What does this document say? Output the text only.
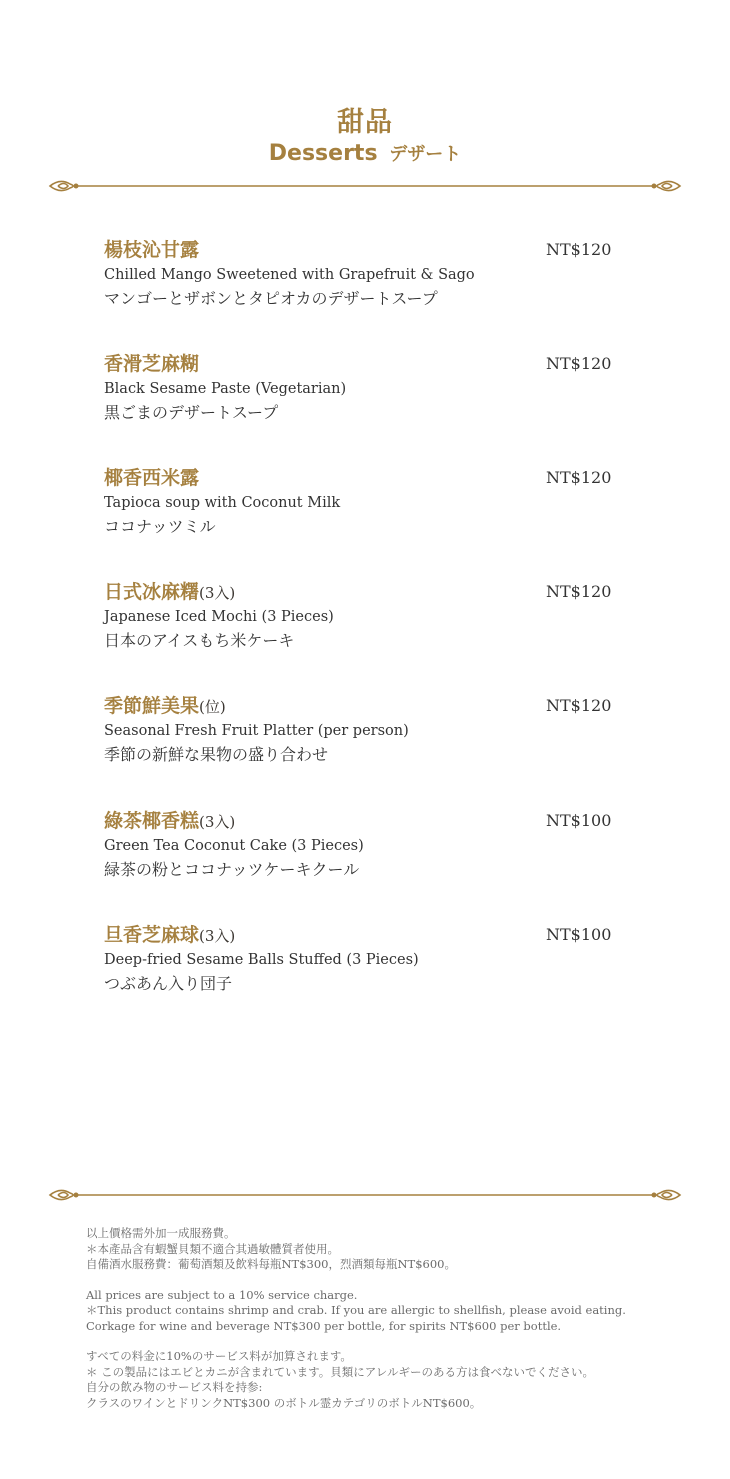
甜品
Desserts デザート
楊枝沁甘露
Chilled Mango Sweetened with Grapefruit & Sago
マンゴーとザボンとタピオカのデザートスープ
NT$120
香滑芝麻糊
Black Sesame Paste (Vegetarian)
黒ごまのデザートスープ
NT$120
椰香西米露
Tapioca soup with Coconut Milk
ココナッツミル
NT$120
日式冰麻糬(3入)
Japanese Iced Mochi (3 Pieces)
日本のアイスもち米ケーキ
NT$120
季節鮮美果(位)
Seasonal Fresh Fruit Platter (per person)
季節の新鮮な果物の盛り合わせ
NT$120
綠茶椰香糕(3入)
Green Tea Coconut Cake (3 Pieces)
緑茶の粉とココナッツケーキクール
NT$100
旦香芝麻球(3入)
Deep-fried Sesame Balls Stuffed (3 Pieces)
つぶあん入り団子
NT$100
以上價格需外加一成服務費。
＊本產品含有蝦蟹貝類不適合其過敏體質者使用。
自備酒水服務費：葡萄酒類及飲料每瓶NT$300，烈酒類每瓶NT$600。
All prices are subject to a 10% service charge.
＊This product contains shrimp and crab. If you are allergic to shellfish, please avoid eating.
Corkage for wine and beverage NT$300 per bottle, for spirits NT$600 per bottle.
すべての料金に10%のサービス料が加算されます。
＊ この製品にはエビとカニが含まれています。貝類にアレルギーのある方は食べないでください。
自分の飲み物のサービス料を持参:
クラスのワインとドリンクNT$300 のボトル霊カテゴリのボトルNT$600。
